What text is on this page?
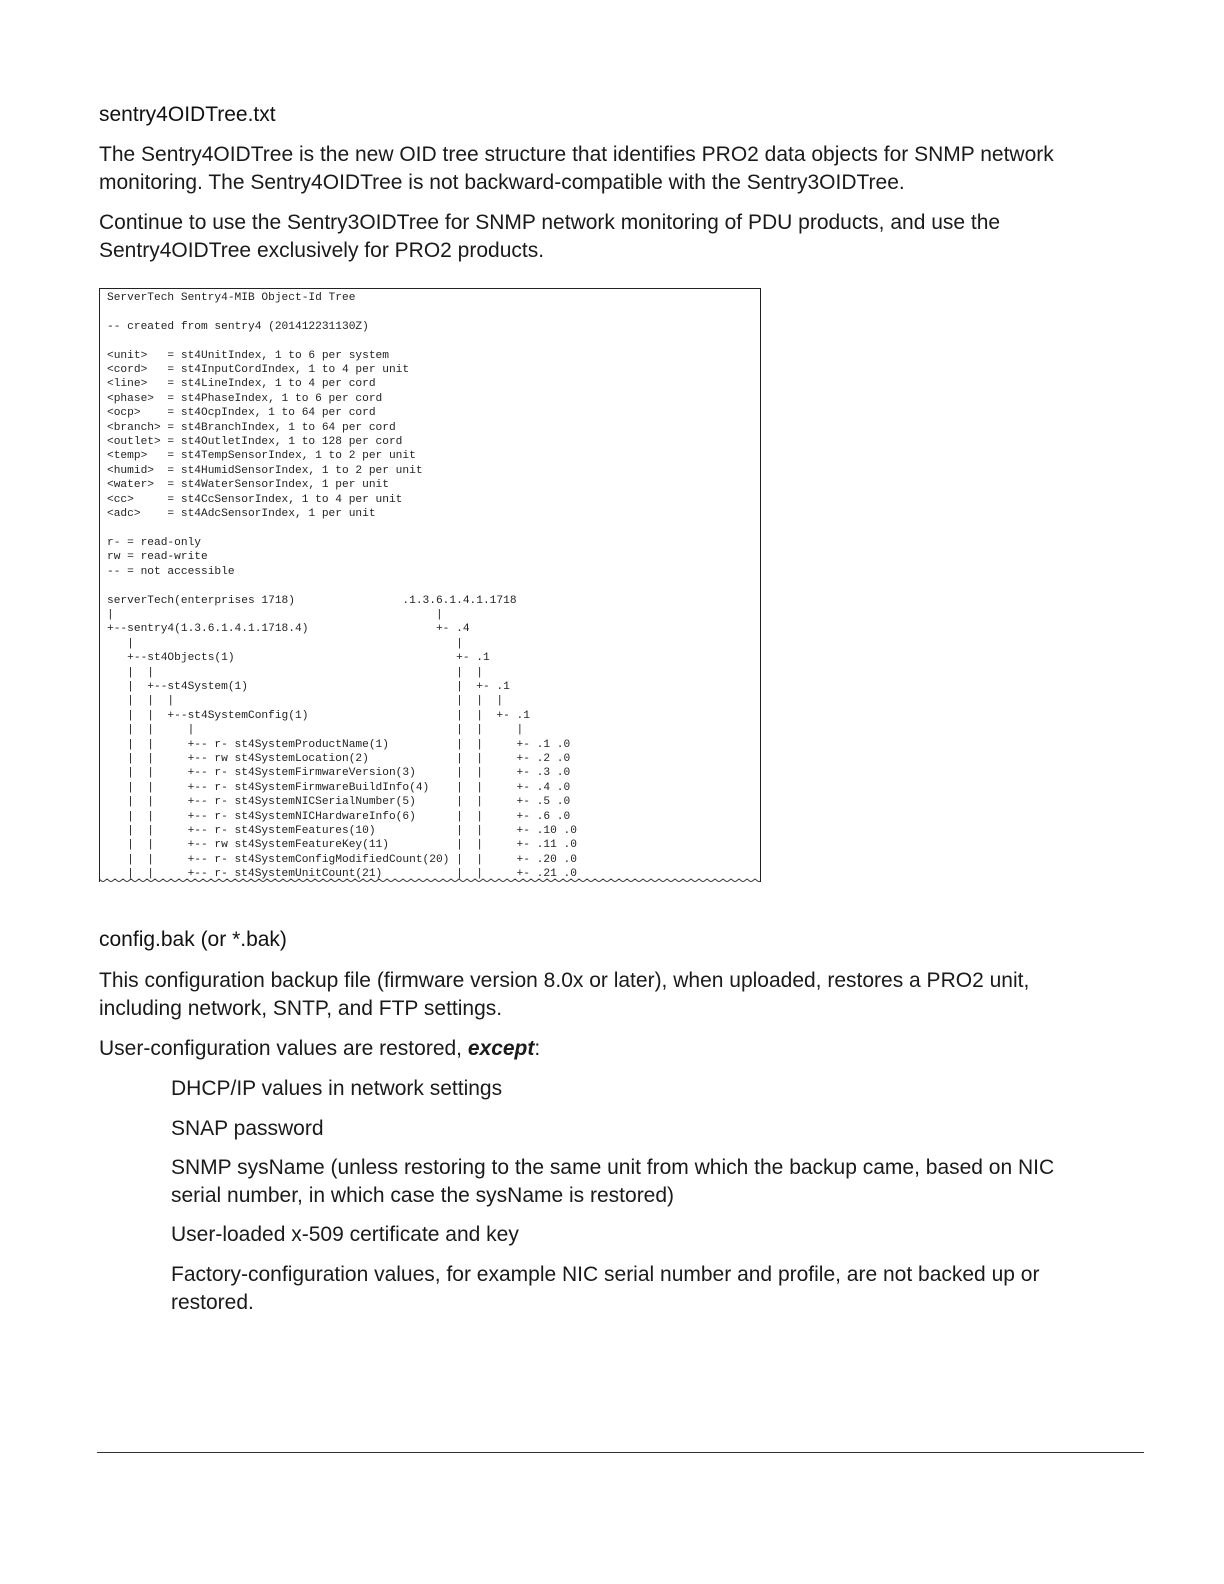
sentry4OIDTree.txt

The Sentry4OIDTree is the new OID tree structure that identifies PRO2 data objects for SNMP network monitoring. The Sentry4OIDTree is not backward-compatible with the Sentry3OIDTree.

Continue to use the Sentry3OIDTree for SNMP network monitoring of PDU products, and use the Sentry4OIDTree exclusively for PRO2 products.

ServerTech Sentry4-MIB Object-Id Tree

-- created from sentry4 (201412231130Z)

<unit>   = st4UnitIndex, 1 to 6 per system
<cord>   = st4InputCordIndex, 1 to 4 per unit
<line>   = st4LineIndex, 1 to 4 per cord
<phase>  = st4PhaseIndex, 1 to 6 per cord
<ocp>    = st4OcpIndex, 1 to 64 per cord
<branch> = st4BranchIndex, 1 to 64 per cord
<outlet> = st4OutletIndex, 1 to 128 per cord
<temp>   = st4TempSensorIndex, 1 to 2 per unit
<humid>  = st4HumidSensorIndex, 1 to 2 per unit
<water>  = st4WaterSensorIndex, 1 per unit
<cc>     = st4CcSensorIndex, 1 to 4 per unit
<adc>    = st4AdcSensorIndex, 1 per unit

r- = read-only
rw = read-write
-- = not accessible

serverTech(enterprises 1718)                .1.3.6.1.4.1.1718
|                                                |
+--sentry4(1.3.6.1.4.1.1718.4)                   +- .4
|                                                |
+--st4Objects(1)                                 +- .1
|  |                                             |  |
|  +--st4System(1)                               |  +- .1
|  |  |                                          |  |  |
|  |  +--st4SystemConfig(1)                      |  |  +- .1
|  |     |                                       |  |     |
|  |     +-- r- st4SystemProductName(1)          |  |     +- .1 .0
|  |     +-- rw st4SystemLocation(2)             |  |     +- .2 .0
|  |     +-- r- st4SystemFirmwareVersion(3)      |  |     +- .3 .0
|  |     +-- r- st4SystemFirmwareBuildInfo(4)    |  |     +- .4 .0
|  |     +-- r- st4SystemNICSerialNumber(5)      |  |     +- .5 .0
|  |     +-- r- st4SystemNICHardwareInfo(6)      |  |     +- .6 .0
|  |     +-- r- st4SystemFeatures(10)            |  |     +- .10 .0
|  |     +-- rw st4SystemFeatureKey(11)          |  |     +- .11 .0
|  |     +-- r- st4SystemConfigModifiedCount(20) |  |     +- .20 .0
|  |     +-- r- st4SystemUnitCount(21)           |  |     +- .21 .0

config.bak (or *.bak)

This configuration backup file (firmware version 8.0x or later), when uploaded, restores a PRO2 unit, including network, SNTP, and FTP settings.

User-configuration values are restored, except:

DHCP/IP values in network settings

SNAP password

SNMP sysName (unless restoring to the same unit from which the backup came, based on NIC serial number, in which case the sysName is restored)

User-loaded x-509 certificate and key

Factory-configuration values, for example NIC serial number and profile, are not backed up or restored.
